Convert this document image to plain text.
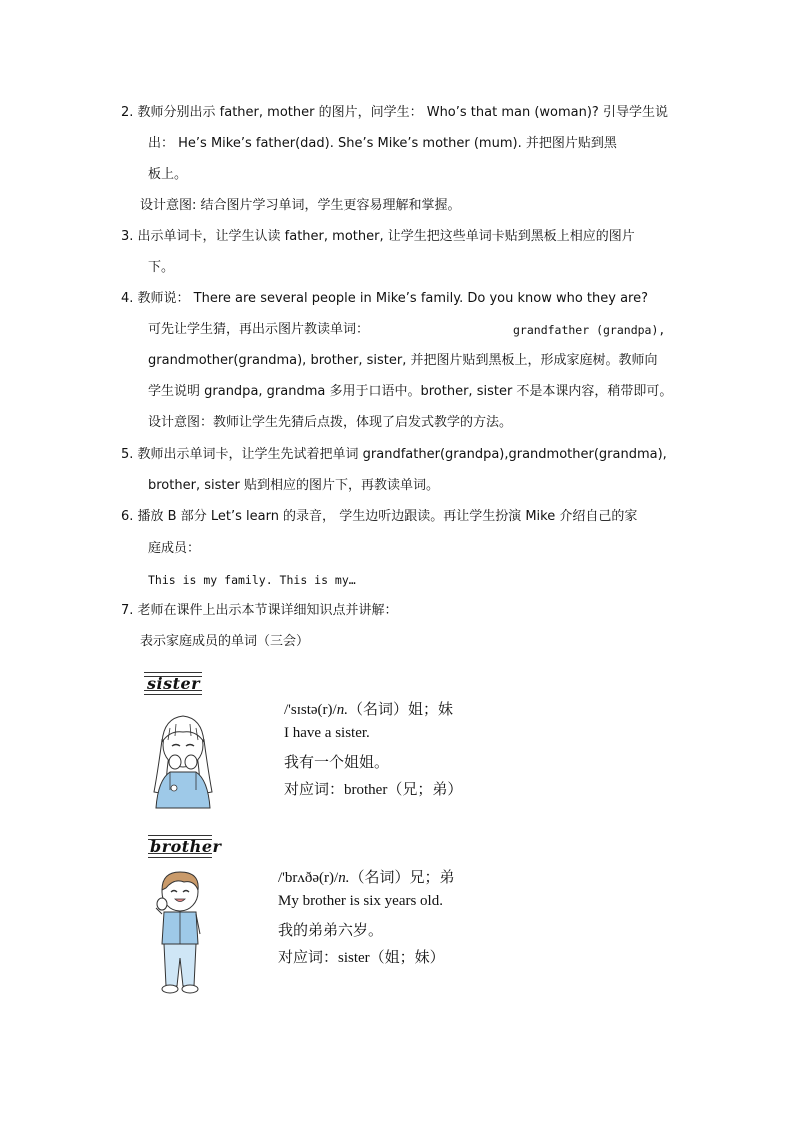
2. 教师分别出示 father, mother 的图片，问学生： Who’s that man (woman)? 引导学生说
出： He’s Mike’s father(dad). She’s Mike’s mother (mum). 并把图片贴到黑
板上。
设计意图: 结合图片学习单词，学生更容易理解和掌握。
3. 出示单词卡，让学生认读 father, mother, 让学生把这些单词卡贴到黑板上相应的图片
下。
4. 教师说： There are several people in Mike’s family. Do you know who they are?
可先让学生猜，再出示图片教读单词：	grandfather (grandpa),
grandmother(grandma), brother, sister, 并把图片贴到黑板上，形成家庭树。教师向
学生说明 grandpa, grandma 多用于口语中。brother, sister 不是本课内容，稍带即可。
设计意图：教师让学生先猜后点拨，体现了启发式教学的方法。
5. 教师出示单词卡，让学生先试着把单词 grandfather(grandpa),grandmother(grandma),
brother, sister 贴到相应的图片下，再教读单词。
6. 播放 B 部分 Let’s learn 的录音， 学生边听边跟读。再让学生扮演 Mike 介绍自己的家
庭成员：
This is my family. This is my…
7. 老师在课件上出示本节课详细知识点并讲解：
表示家庭成员的单词（三会）
sister
/'sɪstə(r)/n.（名词）姐；妹
I have a sister.
我有一个姐姐。
对应词：brother（兄；弟）
brother
/'brʌðə(r)/n.（名词）兄；弟
My brother is six years old.
我的弟弟六岁。
对应词：sister（姐；妹）
